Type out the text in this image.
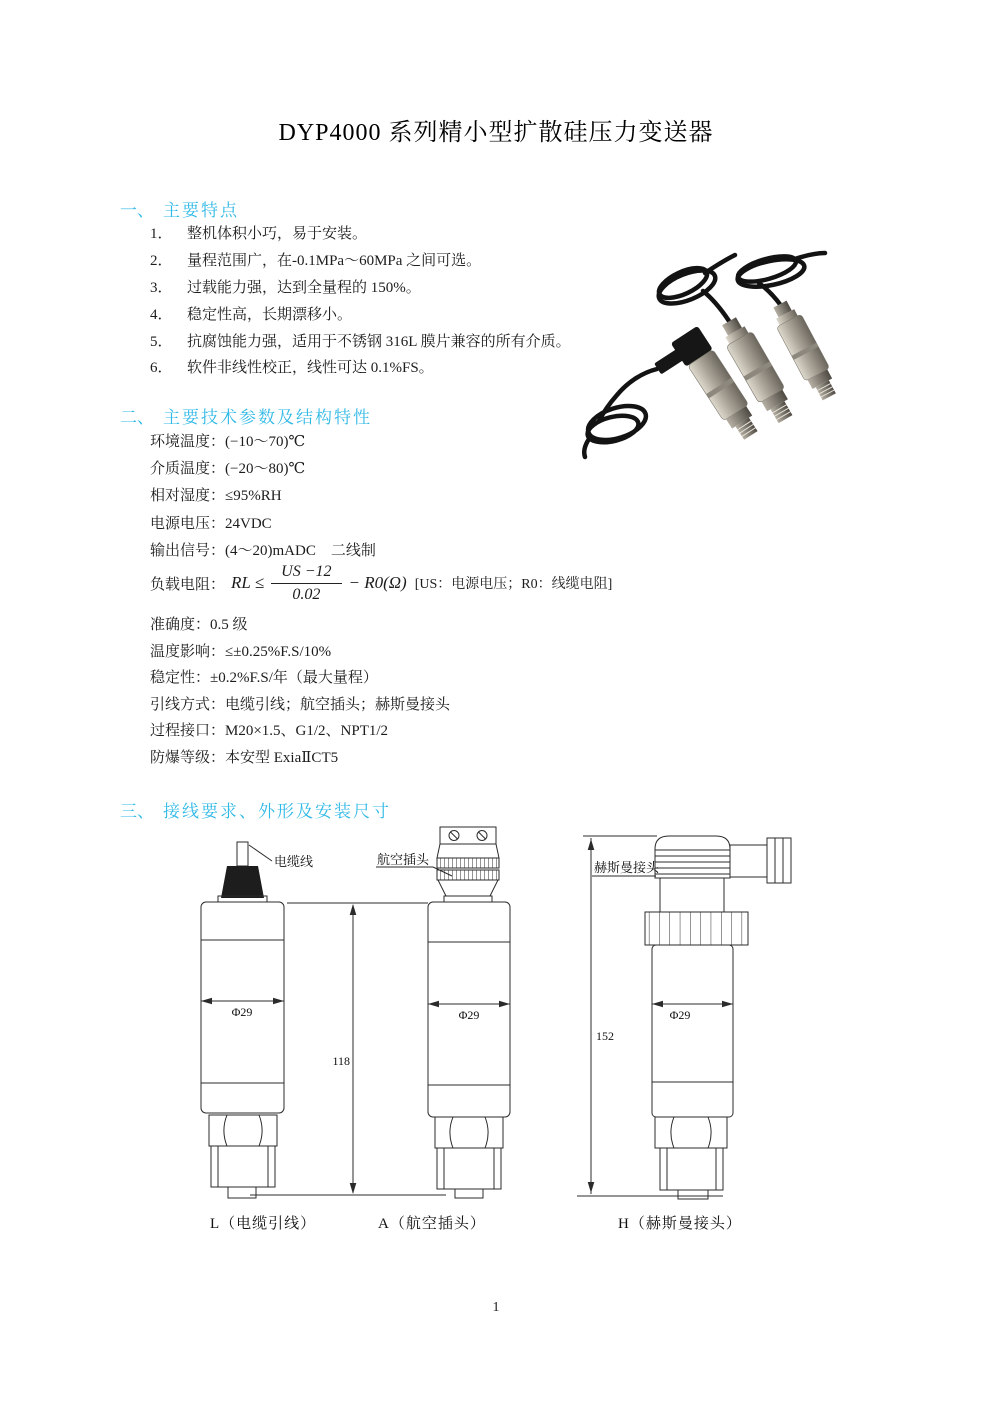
DYP4000 系列精小型扩散硅压力变送器
一、 主要特点
1． 整机体积小巧，易于安装。
2． 量程范围广，在-0.1MPa～60MPa 之间可选。
3． 过载能力强，达到全量程的 150%。
4． 稳定性高，长期漂移小。
5． 抗腐蚀能力强，适用于不锈钢 316L 膜片兼容的所有介质。
6． 软件非线性校正，线性可达 0.1%FS。
二、 主要技术参数及结构特性
环境温度：(−10～70)℃
介质温度：(−20～80)℃
相对湿度：≤95%RH
电源电压：24VDC
输出信号：(4～20)mADC　二线制
负载电阻： RL ≤ $\frac{US -12}{0.02} - R0(\Omega)$ [US：电源电压；R0：线缆电阻]
准确度：0.5 级
温度影响：≤±0.25%F.S/10%
稳定性：±0.2%F.S/年（最大量程）
引线方式：电缆引线；航空插头；赫斯曼接头
过程接口：M20×1.5、G1/2、NPT1/2
防爆等级：本安型 ExiaⅡCT5
三、 接线要求、外形及安装尺寸
电缆线
Φ29
L（电缆引线）
118
航空插头
Φ29
A（航空插头）
152
赫斯曼接头
Φ29
H（赫斯曼接头）
1
